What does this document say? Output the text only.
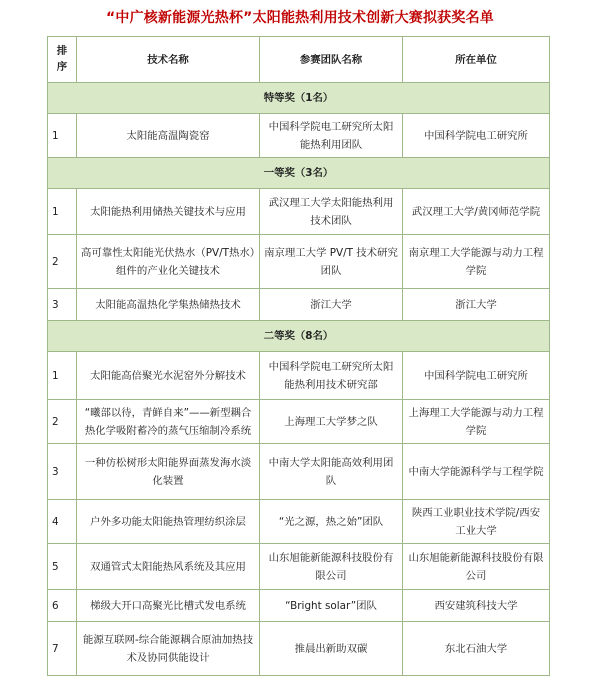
“中广核新能源光热杯”太阳能热利用技术创新大赛拟获奖名单
排序	技术名称	参赛团队名称	所在单位
特等奖（1名）			
1	太阳能高温陶瓷窑	中国科学院电工研究所太阳能热利用团队	中国科学院电工研究所
一等奖（3名）			
1	太阳能热利用储热关键技术与应用	武汉理工大学太阳能热利用技术团队	武汉理工大学/黄冈师范学院
2	高可靠性太阳能光伏热水（PV/T热水）组件的产业化关键技术	南京理工大学 PV/T 技术研究团队	南京理工大学能源与动力工程学院
3	太阳能高温热化学集热储热技术	浙江大学	浙江大学
二等奖（8名）			
1	太阳能高倍聚光水泥窑外分解技术	中国科学院电工研究所太阳能热利用技术研究部	中国科学院电工研究所
2	“曦部以待，青鲜自来”——新型耦合热化学吸附蓄冷的蒸气压缩制冷系统	上海理工大学梦之队	上海理工大学能源与动力工程学院
3	一种仿松树形太阳能界面蒸发海水淡化装置	中南大学太阳能高效利用团队	中南大学能源科学与工程学院
4	户外多功能太阳能热管理纺织涂层	“光之源，热之始”团队	陕西工业职业技术学院/西安工业大学
5	双通管式太阳能热风系统及其应用	山东旭能新能源科技股份有限公司	山东旭能新能源科技股份有限公司
6	梯级大开口高聚光比槽式发电系统	“Bright solar”团队	西安建筑科技大学
7	能源互联网-综合能源耦合原油加热技术及协同供能设计	推晨出新助双碳	东北石油大学
